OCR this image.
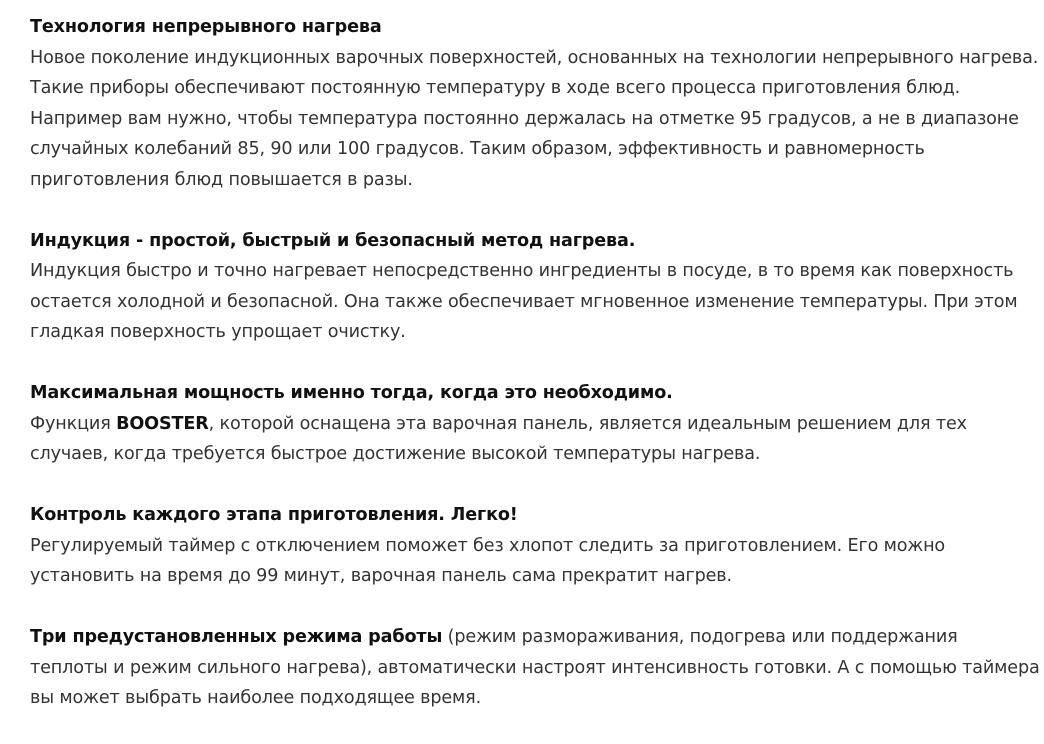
Технология непрерывного нагрева
Новое поколение индукционных варочных поверхностей, основанных на технологии непрерывного нагрева.
Такие приборы обеспечивают постоянную температуру в ходе всего процесса приготовления блюд.
Например вам нужно, чтобы температура постоянно держалась на отметке 95 градусов, а не в диапазоне
случайных колебаний 85, 90 или 100 градусов. Таким образом, эффективность и равномерность
приготовления блюд повышается в разы.
Индукция - простой, быстрый и безопасный метод нагрева.
Индукция быстро и точно нагревает непосредственно ингредиенты в посуде, в то время как поверхность
остается холодной и безопасной. Она также обеспечивает мгновенное изменение температуры. При этом
гладкая поверхность упрощает очистку.
Максимальная мощность именно тогда, когда это необходимо.
Функция BOOSTER, которой оснащена эта варочная панель, является идеальным решением для тех
случаев, когда требуется быстрое достижение высокой температуры нагрева.
Контроль каждого этапа приготовления. Легко!
Регулируемый таймер с отключением поможет без хлопот следить за приготовлением. Его можно
установить на время до 99 минут, варочная панель сама прекратит нагрев.
Три предустановленных режима работы (режим размораживания, подогрева или поддержания
теплоты и режим сильного нагрева), автоматически настроят интенсивность готовки. А с помощью таймера
вы может выбрать наиболее подходящее время.
